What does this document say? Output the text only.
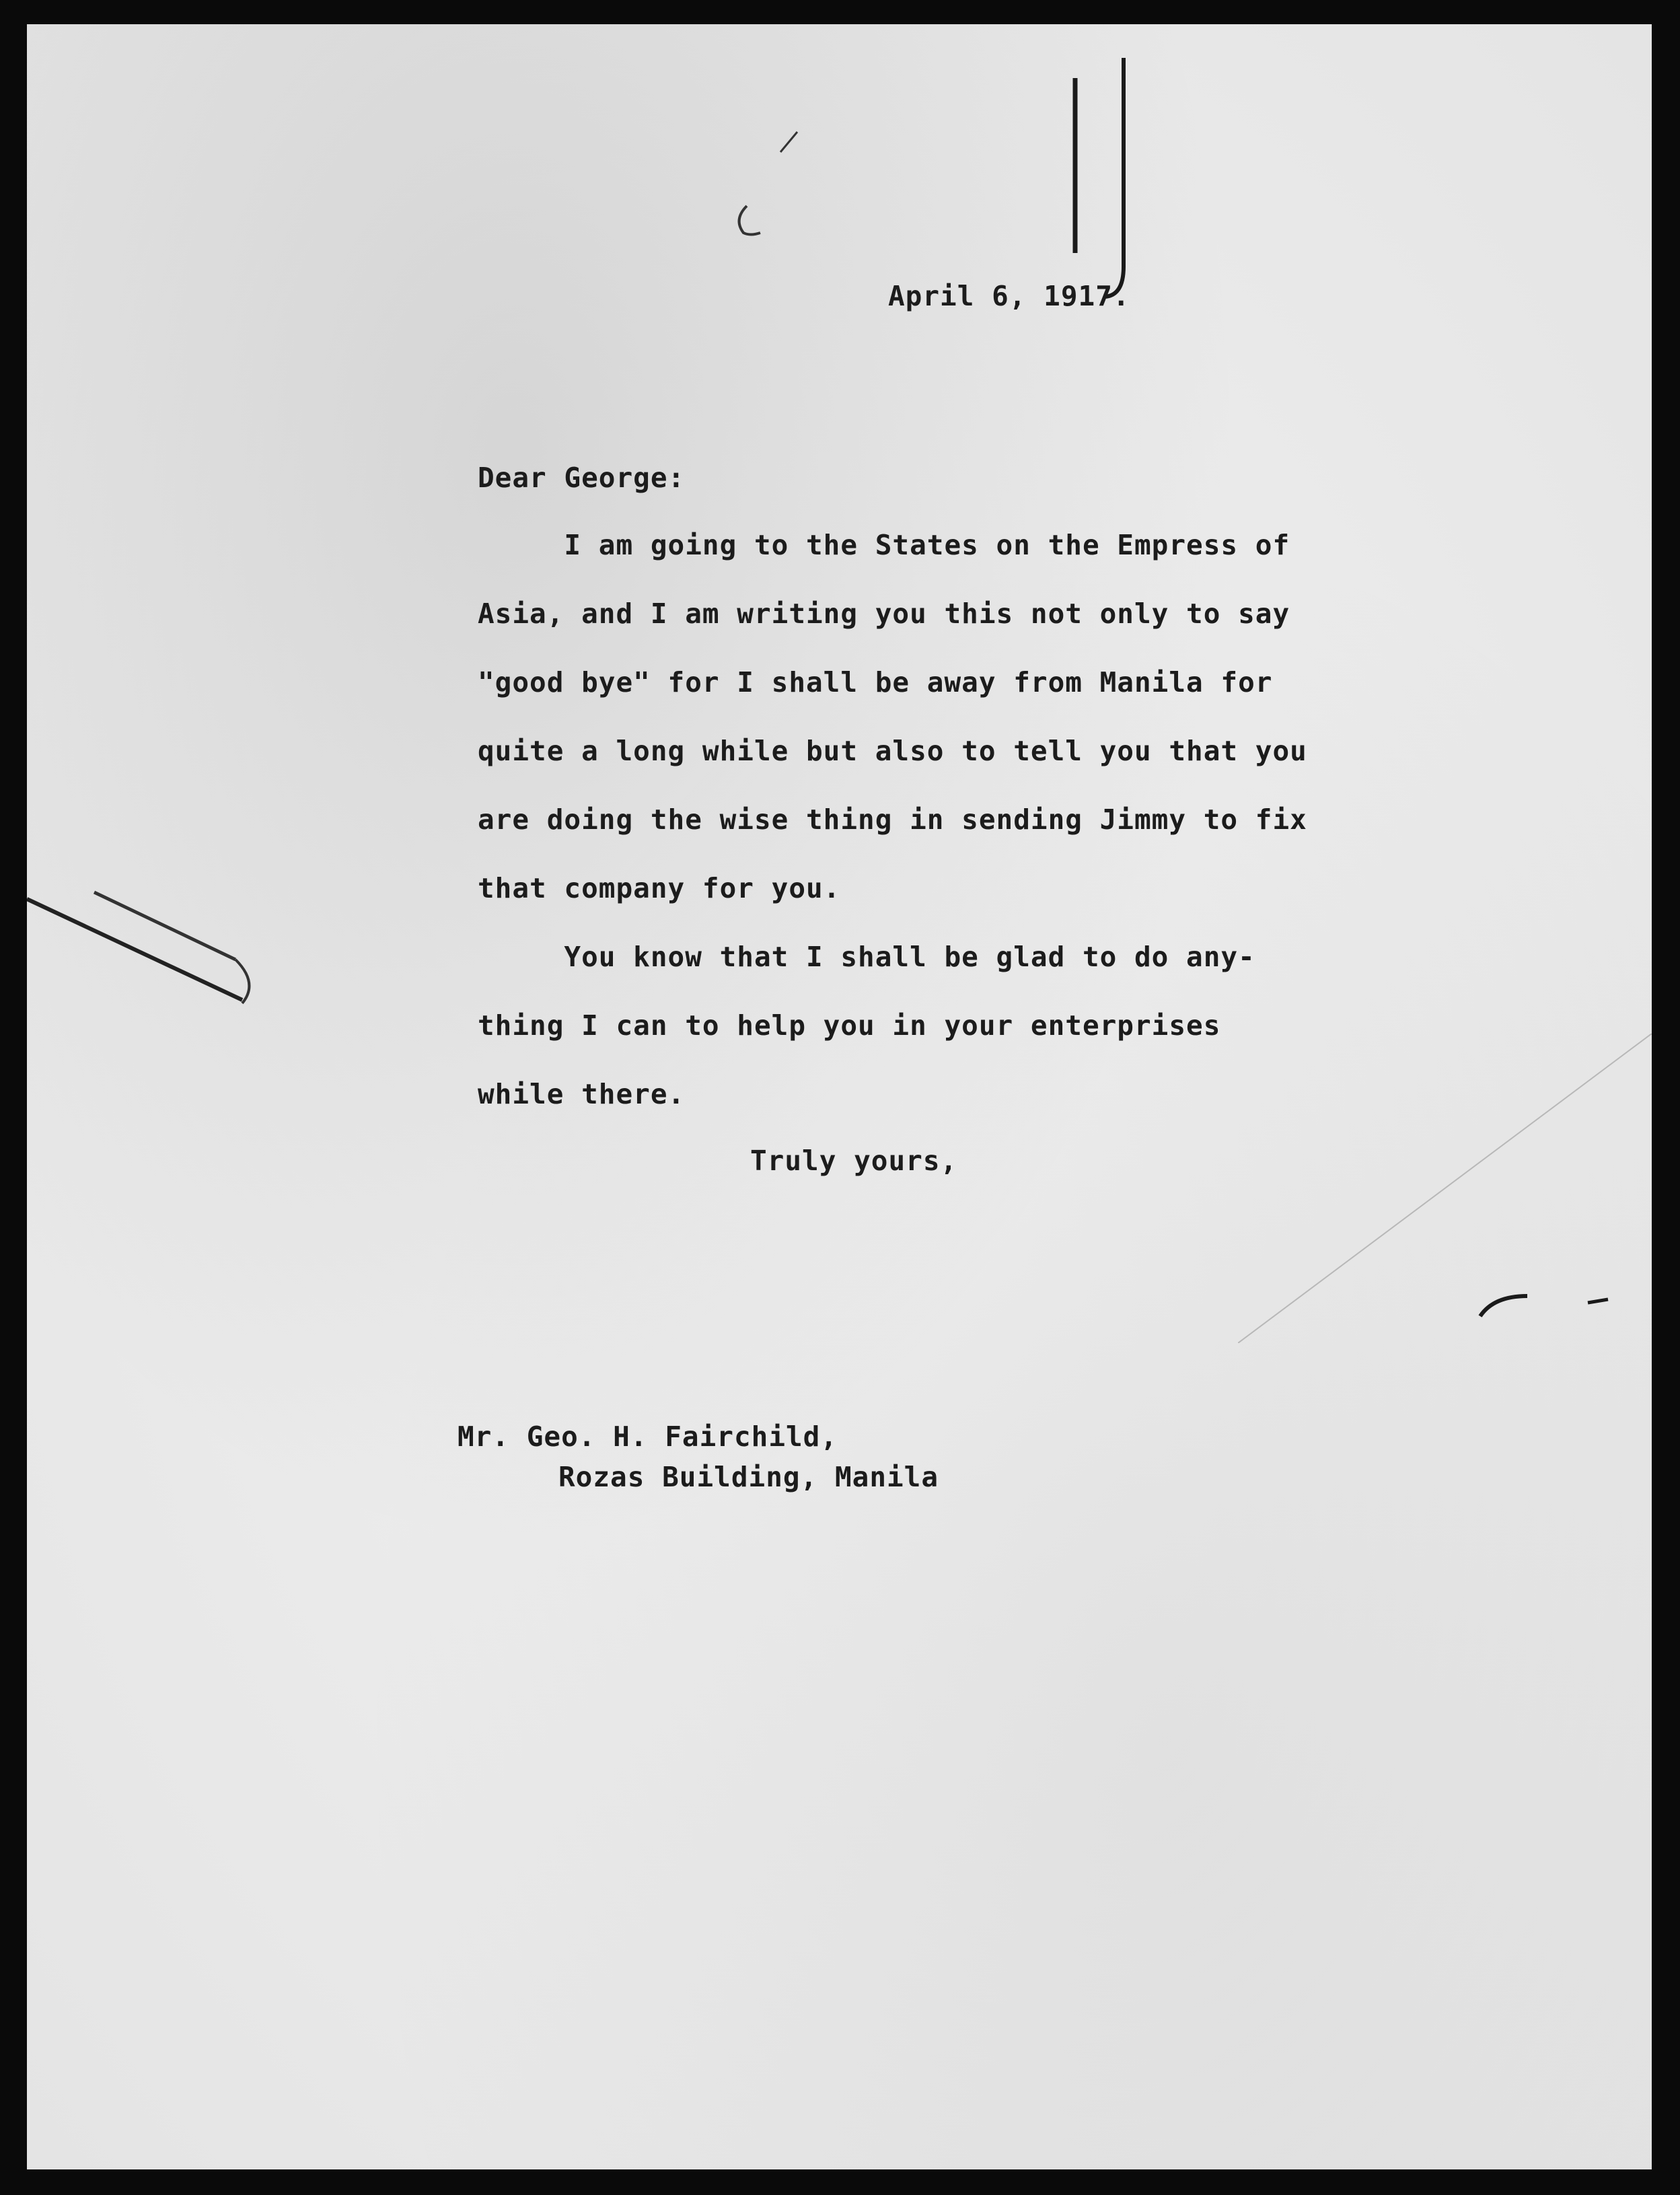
April 6, 1917.

Dear George:

I am going to the States on the Empress of

Asia, and I am writing you this not only to say

"good bye" for I shall be away from Manila for

quite a long while but also to tell you that you

are doing the wise thing in sending Jimmy to fix

that company for you.

You know that I shall be glad to do any-

thing I can to help you in your enterprises

while there.

Truly yours,

Mr. Geo. H. Fairchild,

Rozas Building, Manila
